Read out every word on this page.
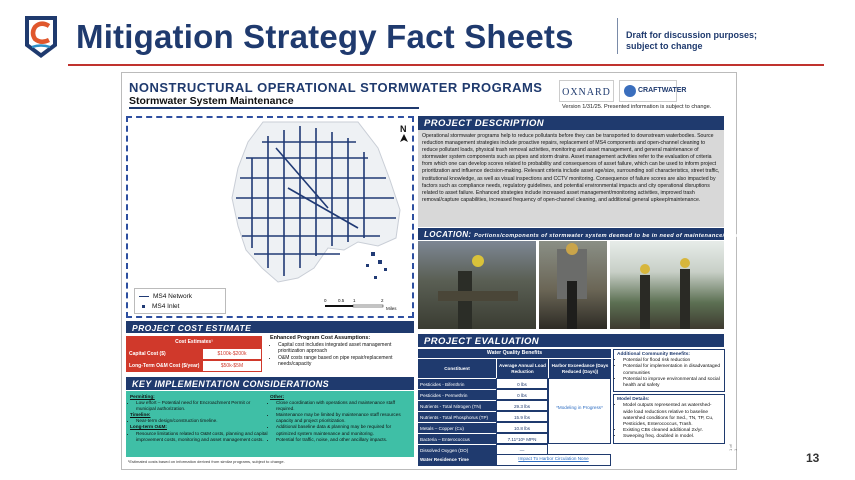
Mitigation Strategy Fact Sheets	Draft for discussion purposes; subject to change
NONSTRUCTURAL OPERATIONAL STORMWATER PROGRAMS
Stormwater System Maintenance
OXNARD	CRAFTWATER
Version 1/31/25. Presented information is subject to change.
N
0	0.5 1	2
Miles
MS4 Network
MS4 Inlet
PROJECT DESCRIPTION
Operational stormwater programs help to reduce pollutants before they can be transported to downstream waterbodies. Source reduction management strategies include proactive repairs, replacement of MS4 components and open-channel cleaning to reduce pollutant loads, physical trash removal activities, monitoring and asset management, and general maintenance of stormwater system components such as pipes and storm drains. Asset management activities refer to the evaluation of criteria from which one can develop scores related to probability and consequences of asset failure, which can be used to inform project prioritization and influence decision-making. Relevant criteria include asset age/size, surrounding soil characteristics, street traffic, institutional knowledge, as well as visual inspections and CCTV monitoring. Consequence of failure scores are also impacted by factors such as compliance needs, regulatory guidelines, and potential environmental impacts and city operational disruptions related to asset failure. Enhanced strategies include increased asset management/monitoring activities, improved trash removal/capture capabilities, increased frequency of open-channel cleaning, and additional general upkeep/maintenance.
LOCATION: Portions/components of stormwater system deemed to be in need of maintenance/repair.
PROJECT COST ESTIMATE
Cost Estimates¹
Capital Cost ($)	$100k-$200k
Long-Term O&M Cost ($/year)	$50k-$5M
Enhanced Program Cost Assumptions:
• Capital cost includes integrated asset management prioritization approach
• O&M costs range based on pipe repair/replacement needs/capacity
KEY IMPLEMENTATION CONSIDERATIONS
Permitting:
• Low effort – Potential need for Encroachment Permit or municipal authorization.
Timeline:
• Near-term design/construction timeline.
Long-term O&M:
• Resource limitations related to O&M costs, planning and capital improvement costs, monitoring and asset management costs.
Other:
• Close coordination with operations and maintenance staff required.
• Maintenance may be limited by maintenance staff resources capacity and project prioritization.
• Additional baseline data & planning may be required for optimized system maintenance and monitoring.
• Potential for traffic, noise, and other ancillary impacts.
¹Estimated costs based on information derived from similar programs, subject to change.
PROJECT EVALUATION
Water Quality Benefits
Constituent
Average Annual Load Reduction
Harbor Exceedance (Days Reduced (Days))
Pesticides - Bifenthrin	0 lbs
Pesticides - Permethrin	0 lbs
Nutrients - Total Nitrogen (TN)	29.3 lbs
Nutrients - Total Phosphorus (TP)	15.9 lbs
Metals – Copper (Cu)	10.8 lbs
Bacteria – Enterococcus	7.11*10⁶ MPN
Dissolved Oxygen (DO)	—
*Modeling in Progress*
Water Residence Time	Impact To Harbor Circulation None
Additional Community Benefits:
• Potential for flood risk reduction
• Potential for implementation in disadvantaged communities
• Potential to improve environmental and social health and safety
Model Details:
• Model outputs represented as watershed-wide load reductions relative to baseline watershed conditions for Sed., TN, TP, Cu, Pesticides, Enterococcus, Trash.
• Existing CBs cleaned additional 2x/yr.
• Sweeping freq. doubled in model.
1 of 1
13
